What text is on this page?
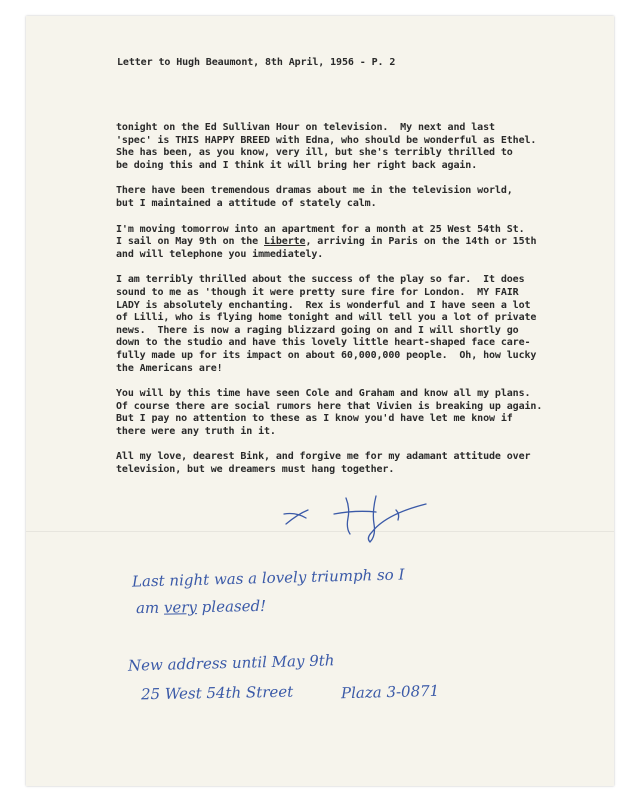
Letter to Hugh Beaumont, 8th April, 1956 - P. 2
tonight on the Ed Sullivan Hour on television.  My next and last
'spec' is THIS HAPPY BREED with Edna, who should be wonderful as Ethel.
She has been, as you know, very ill, but she's terribly thrilled to
be doing this and I think it will bring her right back again.
There have been tremendous dramas about me in the television world,
but I maintained a attitude of stately calm.
I'm moving tomorrow into an apartment for a month at 25 West 54th St.
I sail on May 9th on the Liberte, arriving in Paris on the 14th or 15th
and will telephone you immediately.
I am terribly thrilled about the success of the play so far.  It does
sound to me as 'though it were pretty sure fire for London.  MY FAIR
LADY is absolutely enchanting.  Rex is wonderful and I have seen a lot
of Lilli, who is flying home tonight and will tell you a lot of private
news.  There is now a raging blizzard going on and I will shortly go
down to the studio and have this lovely little heart-shaped face care-
fully made up for its impact on about 60,000,000 people.  Oh, how lucky
the Americans are!
You will by this time have seen Cole and Graham and know all my plans.
Of course there are social rumors here that Vivien is breaking up again.
But I pay no attention to these as I know you'd have let me know if
there were any truth in it.
All my love, dearest Bink, and forgive me for my adamant attitude over
television, but we dreamers must hang together.
Last night was a lovely triumph so I
am very pleased!
New address until May 9th
25 West 54th Street	Plaza 3-0871
